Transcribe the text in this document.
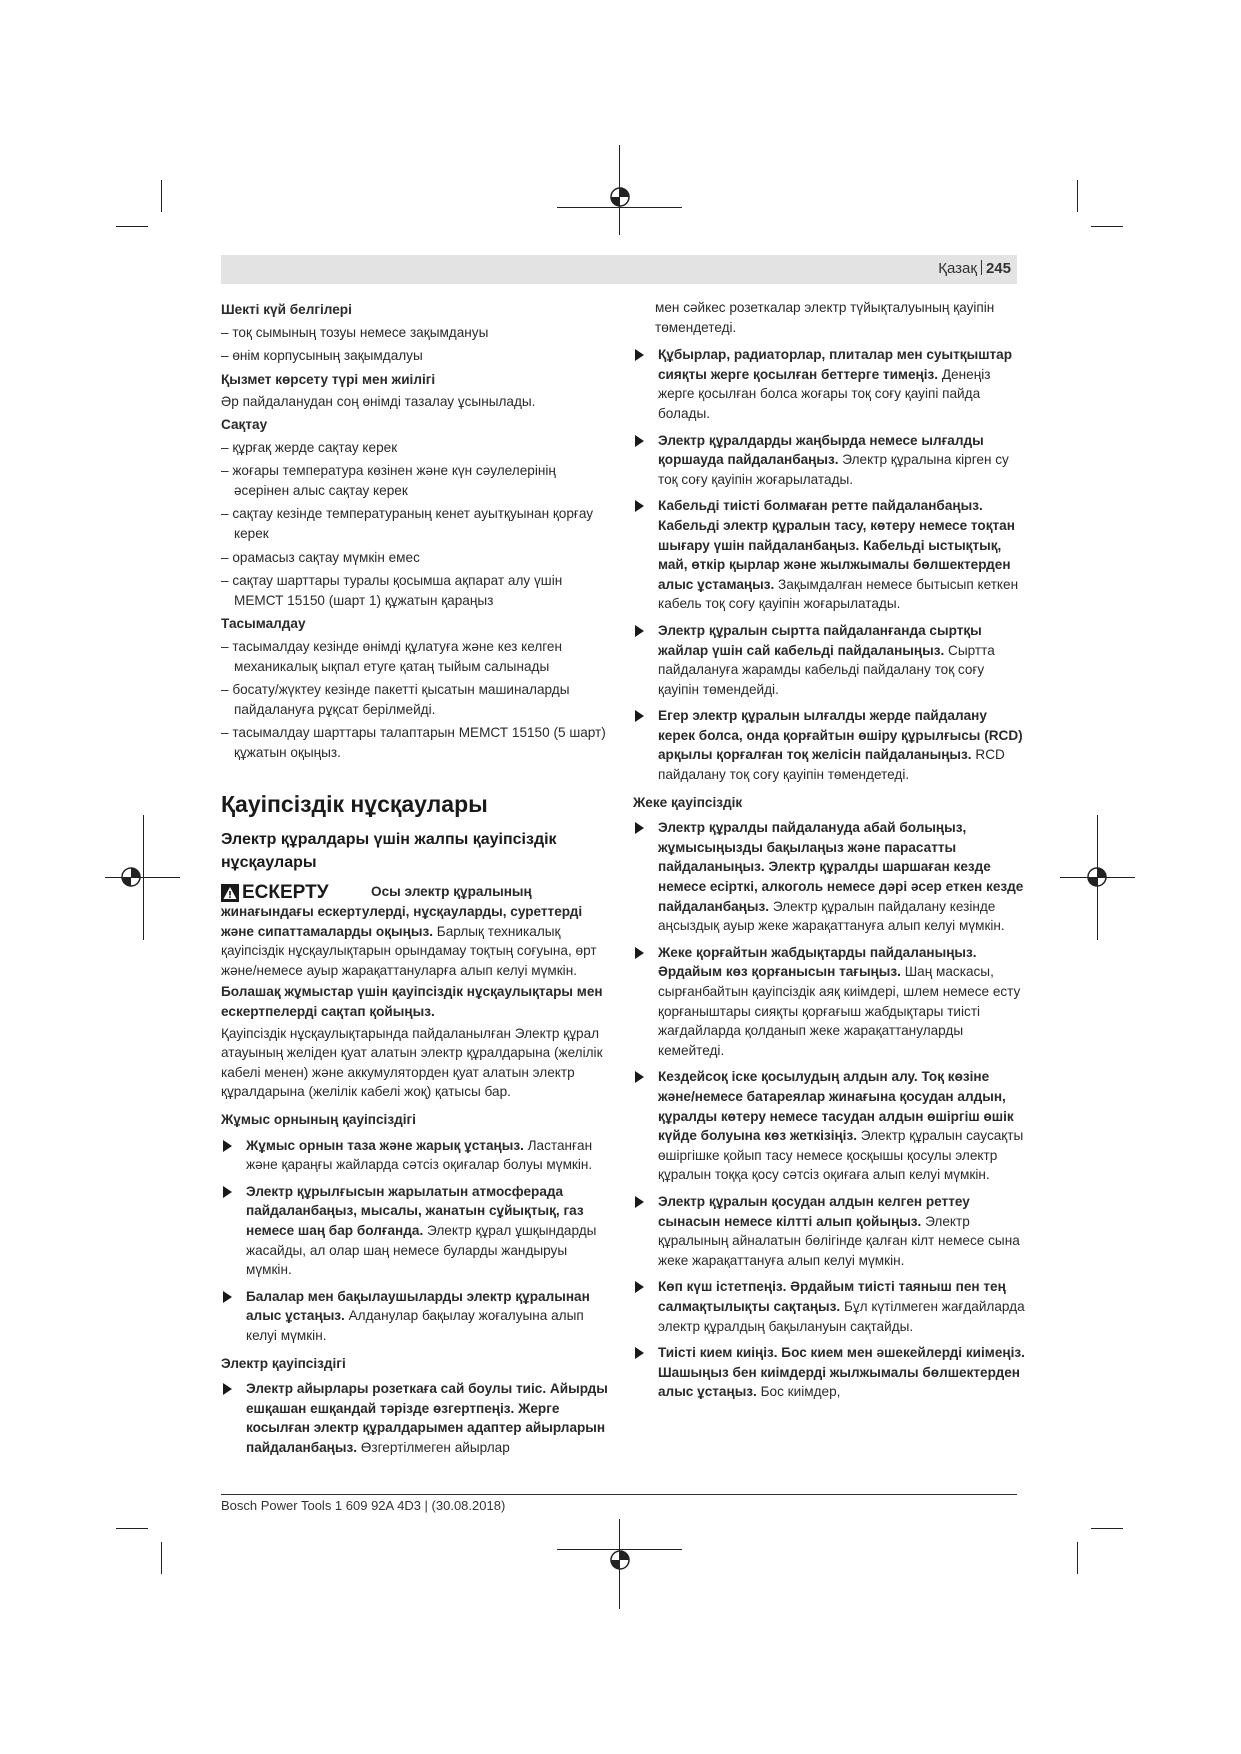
Қазақ 245

Шекті күй белгілері

– тоқ сымының тозуы немесе зақымдануы

– өнім корпусының зақымдалуы

Қызмет көрсету түрі мен жиілігі

Әр пайдаланудан соң өнімді тазалау ұсынылады.

Сақтау

– құрғақ жерде сақтау керек

– жоғары температура көзінен және күн сәулелерінің әсерінен алыс сақтау керек

– сақтау кезінде температураның кенет ауытқуынан қорғау керек

– орамасыз сақтау мүмкін емес

– сақтау шарттары туралы қосымша ақпарат алу үшін МЕМСТ 15150 (шарт 1) құжатын қараңыз

Тасымалдау

– тасымалдау кезінде өнімді құлатуға және кез келген механикалық ықпал етуге қатаң тыйым салынады

– босату/жүктеу кезінде пакетті қысатын машиналарды пайдалануға рұқсат берілмейді.

– тасымалдау шарттары талаптарын МЕМСТ 15150 (5 шарт) құжатын оқыңыз.

Қауіпсіздік нұсқаулары

Электр құралдары үшін жалпы қауіпсіздік нұсқаулары

ЕСКЕРТУ	Осы электр құралының жинағындағы ескертулерді, нұсқауларды, суреттерді және сипаттамаларды оқыңыз. Барлық техникалық қауіпсіздік нұсқаулықтарын орындамау тоқтың соғуына, өрт және/немесе ауыр жарақаттануларға алып келуі мүмкін.

Болашақ жұмыстар үшін қауіпсіздік нұсқаулықтары мен ескертпелерді сақтап қойыңыз.

Қауіпсіздік нұсқаулықтарында пайдаланылған Электр құрал атауының желіден қуат алатын электр құралдарына (желілік кабелі менен) және аккумуляторден қуат алатын электр құралдарына (желілік кабелі жоқ) қатысы бар.

Жұмыс орнының қауіпсіздігі

Жұмыс орнын таза және жарық ұстаңыз. Ластанған және қараңғы жайларда сәтсіз оқиғалар болуы мүмкін.

Электр құрылғысын жарылатын атмосферада пайдаланбаңыз, мысалы, жанатын сұйықтық, газ немесе шаң бар болғанда. Электр құрал ұшқындарды жасайды, ал олар шаң немесе буларды жандыруы мүмкін.

Балалар мен бақылаушыларды электр құралынан алыс ұстаңыз. Алданулар бақылау жоғалуына алып келуі мүмкін.

Электр қауіпсіздігі

Электр айырлары розеткаға сай боулы тиіс. Айырды ешқашан ешқандай тәрізде өзгертпеңіз. Жерге косылған электр құралдарымен адаптер айырларын пайдаланбаңыз. Өзгертілмеген айырлар

мен сәйкес розеткалар электр түйықталуының қауіпін төмендетеді.

Құбырлар, радиаторлар, плиталар мен суытқыштар сияқты жерге қосылған беттерге тимеңіз. Денеңіз жерге қосылған болса жоғары тоқ соғу қауіпі пайда болады.

Электр құралдарды жаңбырда немесе ылғалды қоршауда пайдаланбаңыз. Электр құралына кірген су тоқ соғу қауіпін жоғарылатады.

Кабельді тиісті болмаған ретте пайдаланбаңыз. Кабельді электр құралын тасу, көтеру немесе тоқтан шығару үшін пайдаланбаңыз. Кабельді ыстықтық, май, өткір қырлар және жылжымалы бөлшектерден алыс ұстамаңыз. Зақымдалған немесе бытысып кеткен кабель тоқ соғу қауіпін жоғарылатады.

Электр құралын сыртта пайдаланғанда сыртқы жайлар үшін сай кабельді пайдаланыңыз. Сыртта пайдалануға жарамды кабельді пайдалану тоқ соғу қауіпін төмендейді.

Егер электр құралын ылғалды жерде пайдалану керек болса, онда қорғайтын өшіру құрылғысы (RCD) арқылы қорғалған тоқ желісін пайдаланыңыз. RCD пайдалану тоқ соғу қауіпін төмендетеді.

Жеке қауіпсіздік

Электр құралды пайдалануда абай болыңыз, жұмысыңызды бақылаңыз және парасатты пайдаланыңыз. Электр құралды шаршаған кезде немесе есірткі, алкоголь немесе дәрі әсер еткен кезде пайдаланбаңыз. Электр құралын пайдалану кезінде аңсыздық ауыр жеке жарақаттануға алып келуі мүмкін.

Жеке қорғайтын жабдықтарды пайдаланыңыз. Әрдайым көз қорғанысын тағыңыз. Шаң маскасы, сырғанбайтын қауіпсіздік аяқ киімдері, шлем немесе есту қорғаныштары сияқты қорғағыш жабдықтары тиісті жағдайларда қолданып жеке жарақаттануларды кемейтеді.

Кездейсоқ іске қосылудың алдын алу. Тоқ көзіне және/немесе батареялар жинағына қосудан алдын, құралды көтеру немесе тасудан алдын өшіргіш өшік күйде болуына көз жеткізіңіз. Электр құралын саусақты өшіргішке қойып тасу немесе қосқышы қосулы электр құралын тоққа қосу сәтсіз оқиғаға алып келуі мүмкін.

Электр құралын қосудан алдын келген реттеу сынасын немесе кілтті алып қойыңыз. Электр құралының айналатын бөлігінде қалған кілт немесе сына жеке жарақаттануға алып келуі мүмкін.

Көп күш істетпеңіз. Әрдайым тиісті таяныш пен тең салмақтылықты сақтаңыз. Бұл күтілмеген жағдайларда электр құралдың бақылануын сақтайды.

Тиісті кием киіңіз. Бос кием мен әшекейлерді киімеңіз. Шашыңыз бен киімдерді жылжымалы бөлшектерден алыс ұстаңыз. Бос киімдер,

Bosch Power Tools 1 609 92A 4D3 | (30.08.2018)
